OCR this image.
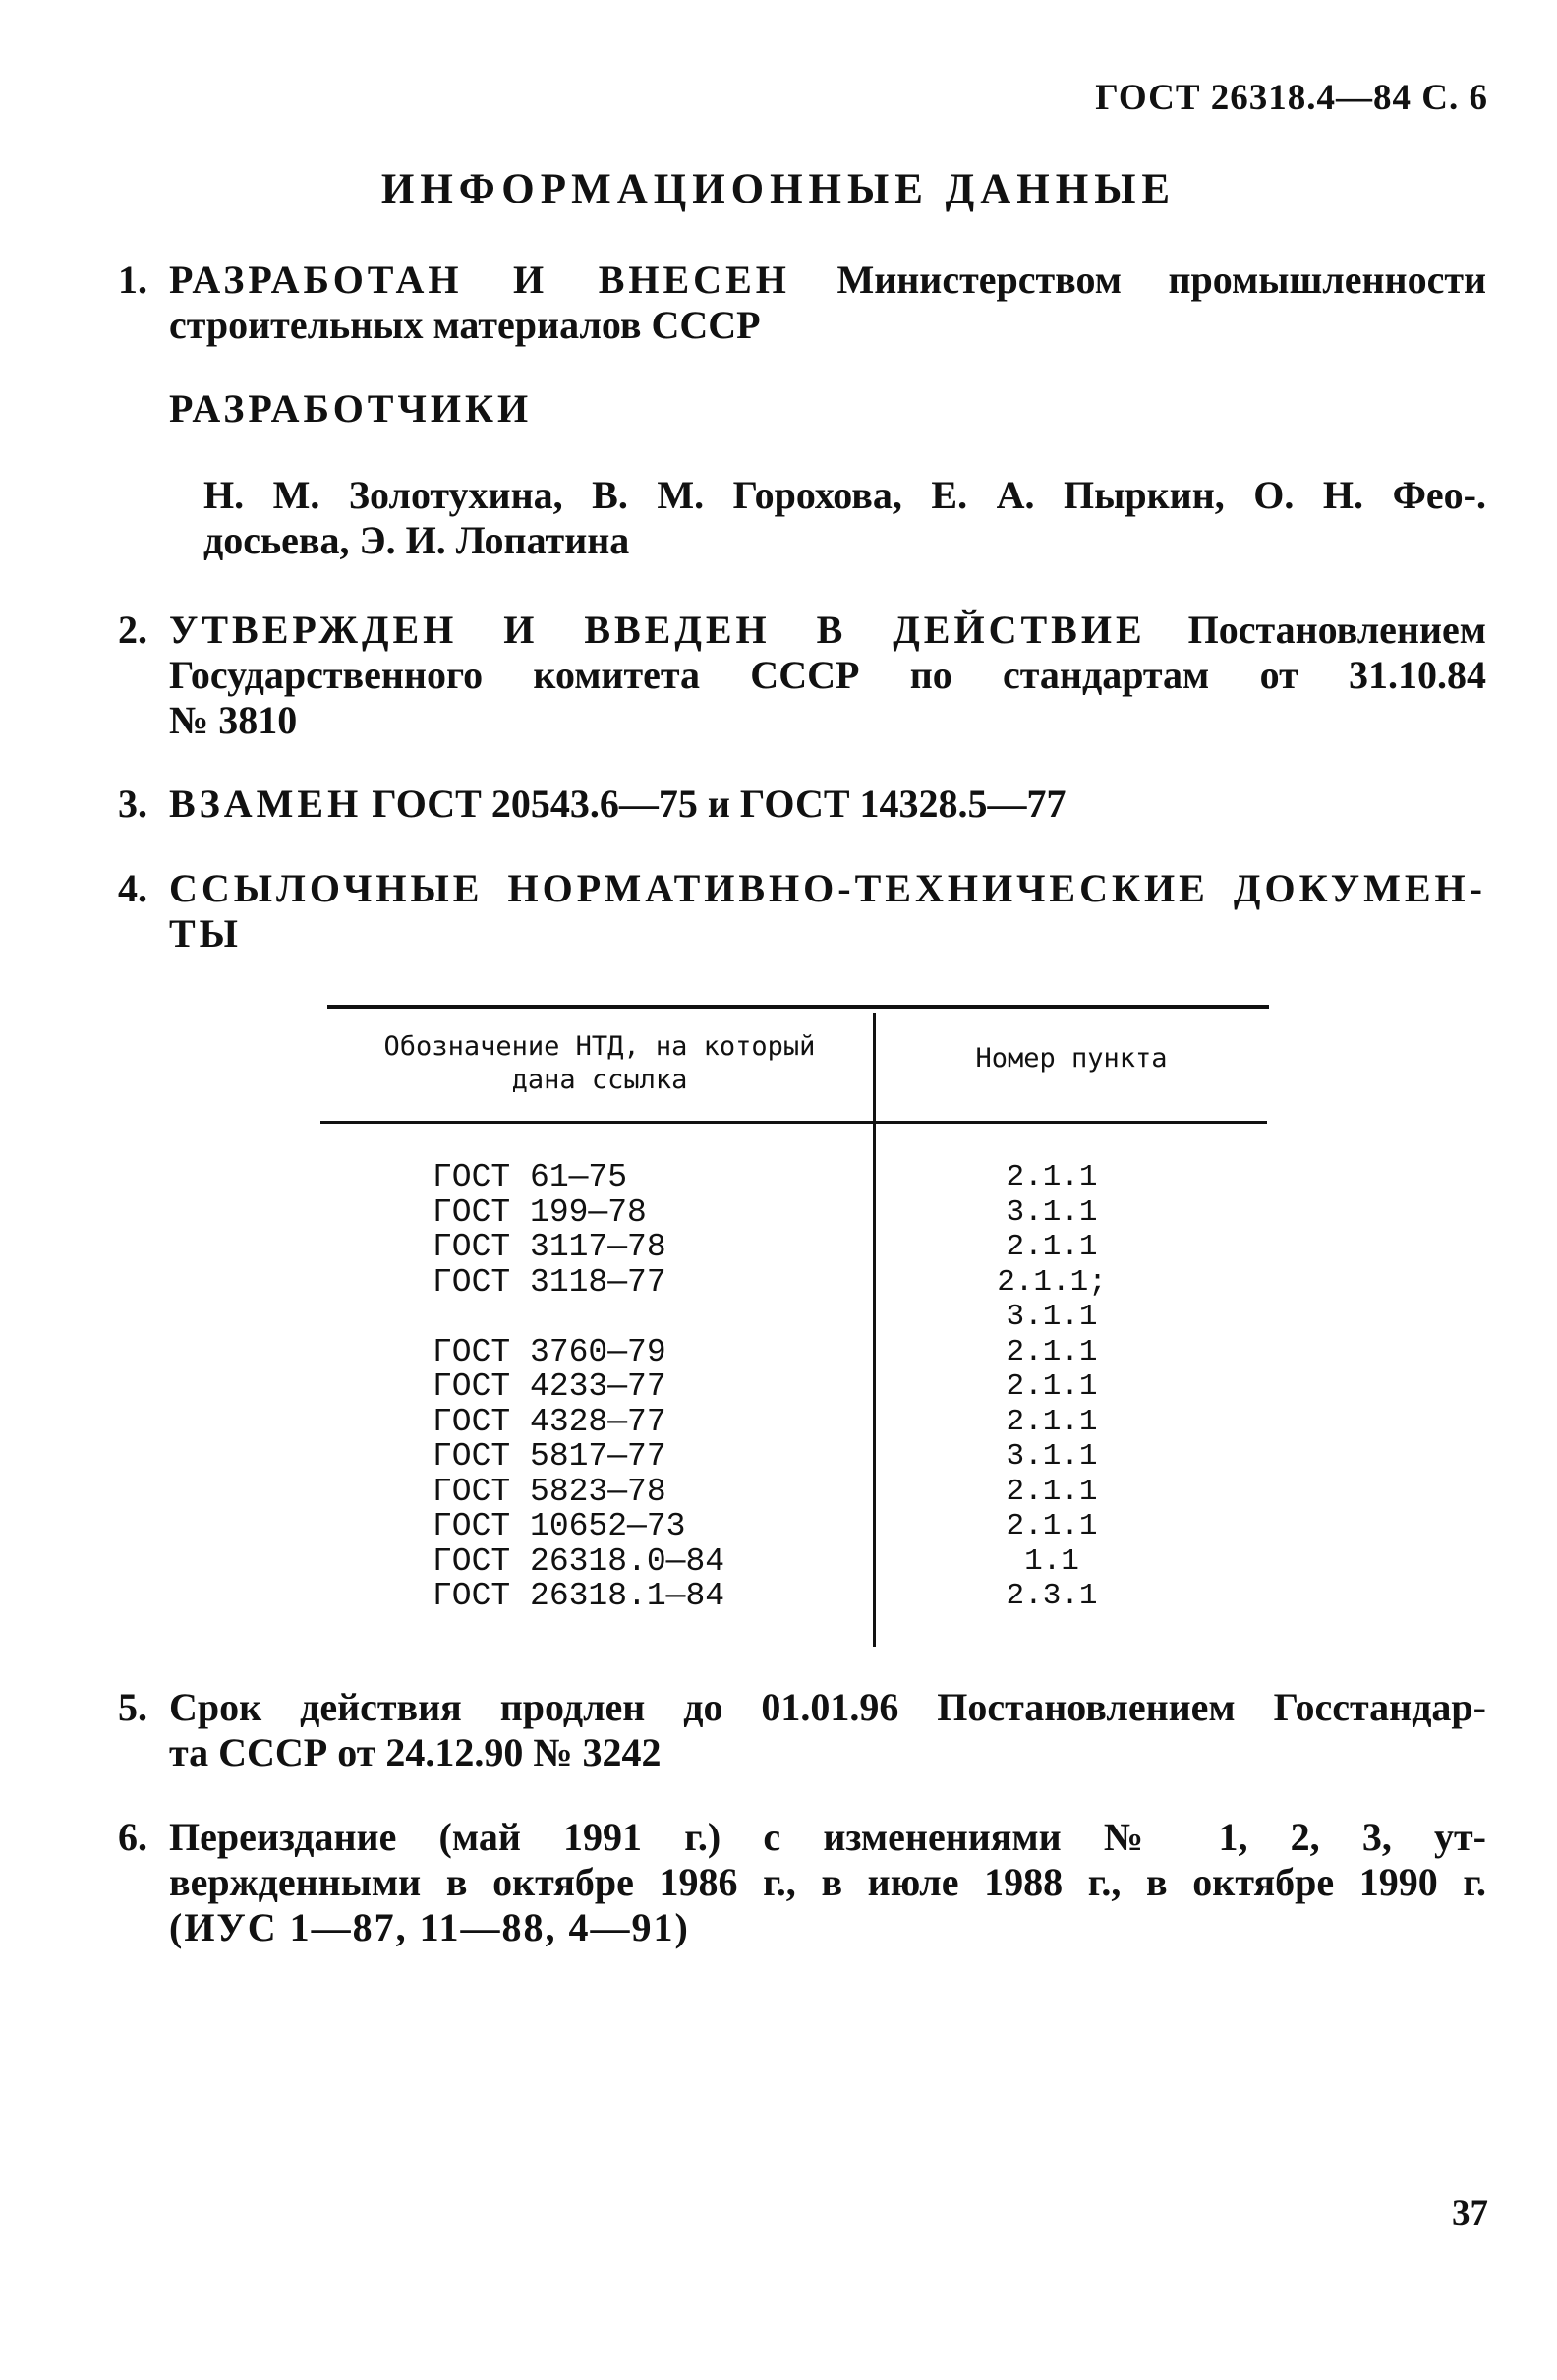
ГОСТ 26318.4—84 С. 6
ИНФОРМАЦИОННЫЕ ДАННЫЕ
1. РАЗРАБОТАН И ВНЕСЕН Министерством промышленности
строительных материалов СССР
РАЗРАБОТЧИКИ
Н. М. Золотухина, В. М. Горохова, Е. А. Пыркин, О. Н. Фео-.
досьева, Э. И. Лопатина
2. УТВЕРЖДЕН И ВВЕДЕН В ДЕЙСТВИЕ Постановлением
Государственного комитета СССР по стандартам от 31.10.84
№ 3810
3. ВЗАМЕН ГОСТ 20543.6—75 и ГОСТ 14328.5—77
4. ССЫЛОЧНЫЕ НОРМАТИВНО-ТЕХНИЧЕСКИЕ ДОКУМЕН-
ТЫ
Обозначение НТД, на который
дана ссылка
Номер пункта
ГОСТ 61—75
ГОСТ 199—78
ГОСТ 3117—78
ГОСТ 3118—77
ГОСТ 3760—79
ГОСТ 4233—77
ГОСТ 4328—77
ГОСТ 5817—77
ГОСТ 5823—78
ГОСТ 10652—73
ГОСТ 26318.0—84
ГОСТ 26318.1—84
2.1.1
3.1.1
2.1.1
2.1.1;
3.1.1
2.1.1
2.1.1
2.1.1
3.1.1
2.1.1
2.1.1
1.1
2.3.1
5. Срок действия продлен до 01.01.96 Постановлением Госстандар-
та СССР от 24.12.90 № 3242
6. Переиздание (май 1991 г.) с изменениями № 1, 2, 3, ут-
вержденными в октябре 1986 г., в июле 1988 г., в октябре 1990 г.
(ИУС 1—87, 11—88, 4—91)
37
